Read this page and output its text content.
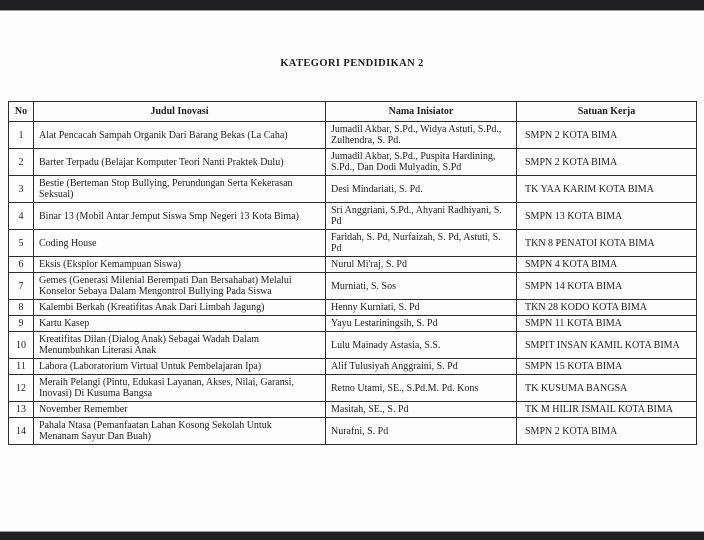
KATEGORI PENDIDIKAN 2
No	Judul Inovasi	Nama Inisiator	Satuan Kerja
1	Alat Pencacah Sampah Organik Dari Barang Bekas (La Caha)	Jumadil Akbar, S.Pd., Widya Astuti, S.Pd., Zulhendra, S. Pd.	SMPN 2 KOTA BIMA
2	Barter Terpadu (Belajar Komputer Teori Nanti Praktek Dulu)	Jumadil Akbar, S.Pd., Puspita Hardining, S.Pd., Dan Dodi Mulyadin, S.Pd	SMPN 2 KOTA BIMA
3	Bestie (Berteman Stop Bullying, Perundungan Serta Kekerasan Seksual)	Desi Mindariati, S. Pd.	TK YAA KARIM KOTA BIMA
4	Binar 13 (Mobil Antar Jemput Siswa Smp Negeri 13 Kota Bima)	Sri Anggriani, S.Pd., Ahyani Radhiyani, S. Pd	SMPN 13 KOTA BIMA
5	Coding House	Faridah, S. Pd, Nurfaizah, S. Pd, Astuti, S. Pd	TKN 8 PENATOI KOTA BIMA
6	Eksis (Eksplor Kemampuan Siswa)	Nurul Mi'raj, S. Pd	SMPN 4 KOTA BIMA
7	Gemes (Generasi Milenial Berempati Dan Bersahabat) Melalui Konselor Sebaya Dalam Mengontrol Bullying Pada Siswa	Murniati, S. Sos	SMPN 14 KOTA BIMA
8	Kalembi Berkah (Kreatifitas Anak Dari Limbah Jagung)	Henny Kurniati, S. Pd	TKN 28 KODO KOTA BIMA
9	Kartu Kasep	Yayu Lestariningsih, S. Pd	SMPN 11 KOTA BIMA
10	Kreatifitas Dilan (Dialog Anak) Sebagai Wadah Dalam Menumbuhkan Literasi Anak	Lulu Mainady Astasia, S.S.	SMPIT INSAN KAMIL KOTA BIMA
11	Labora (Laboratorium Virtual Untuk Pembelajaran Ipa)	Alif Tulusiyah Anggraini, S. Pd	SMPN 15 KOTA BIMA
12	Meraih Pelangi (Pintu, Edukasi Layanan, Akses, Nilai, Garansi, Inovasi) Di Kusuma Bangsa	Retno Utami, SE., S.Pd.M. Pd. Kons	TK KUSUMA BANGSA
13	November Remember	Masitah, SE., S. Pd	TK M HILIR ISMAIL KOTA BIMA
14	Pahala Ntasa (Pemanfaatan Lahan Kosong Sekolah Untuk Menanam Sayur Dan Buah)	Nurafni, S. Pd	SMPN 2 KOTA BIMA
